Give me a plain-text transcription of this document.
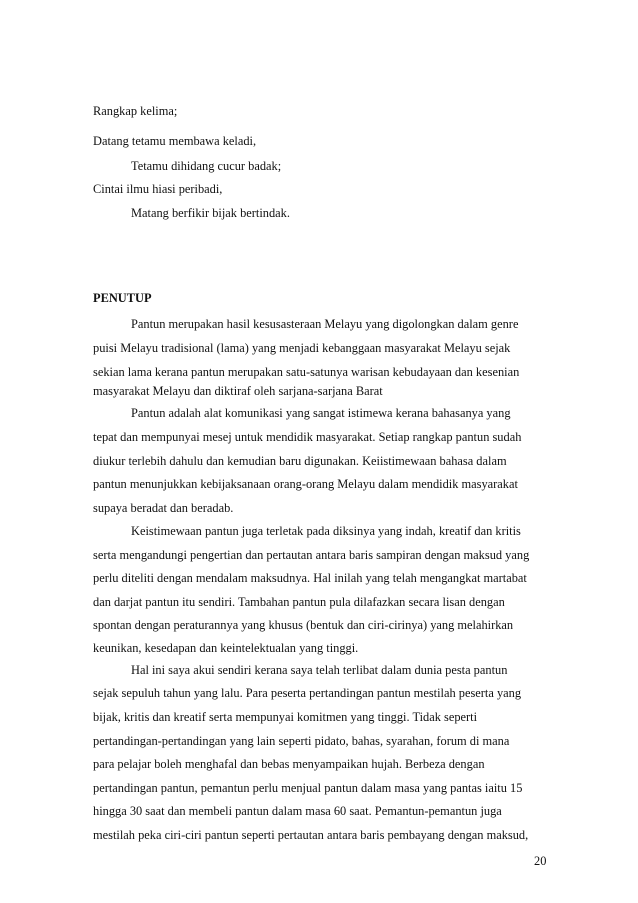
Rangkap kelima;

Datang tetamu membawa keladi,

Tetamu dihidang cucur badak;

Cintai ilmu hiasi peribadi,

Matang berfikir bijak bertindak.

PENUTUP

Pantun merupakan hasil kesusasteraan Melayu yang digolongkan dalam genre

puisi Melayu tradisional (lama) yang menjadi kebanggaan masyarakat Melayu sejak

sekian lama kerana pantun merupakan satu-satunya warisan kebudayaan dan kesenian

masyarakat Melayu dan diktiraf oleh sarjana-sarjana Barat

Pantun adalah alat komunikasi yang sangat istimewa kerana bahasanya yang

tepat dan mempunyai mesej untuk mendidik masyarakat. Setiap rangkap pantun sudah

diukur terlebih dahulu dan kemudian baru digunakan. Keiistimewaan bahasa dalam

pantun menunjukkan kebijaksanaan orang-orang Melayu dalam mendidik masyarakat

supaya beradat dan beradab.

Keistimewaan pantun juga terletak pada diksinya yang indah, kreatif dan kritis

serta mengandungi pengertian dan pertautan antara baris sampiran dengan maksud yang

perlu diteliti dengan mendalam maksudnya. Hal inilah yang telah mengangkat martabat

dan darjat pantun itu sendiri. Tambahan pantun pula dilafazkan secara lisan dengan

spontan dengan peraturannya yang khusus (bentuk dan ciri-cirinya) yang melahirkan

keunikan, kesedapan dan keintelektualan yang tinggi.

Hal ini saya akui sendiri kerana saya telah terlibat dalam dunia pesta pantun

sejak sepuluh tahun yang lalu. Para peserta pertandingan pantun mestilah peserta yang

bijak, kritis dan kreatif serta mempunyai komitmen yang tinggi. Tidak seperti

pertandingan-pertandingan yang lain seperti pidato, bahas, syarahan, forum di mana

para pelajar boleh menghafal dan bebas menyampaikan hujah. Berbeza dengan

pertandingan pantun, pemantun perlu menjual pantun dalam masa yang pantas iaitu 15

hingga 30 saat dan membeli pantun dalam masa 60 saat. Pemantun-pemantun juga

mestilah peka ciri-ciri pantun seperti pertautan antara baris pembayang dengan maksud,

20
